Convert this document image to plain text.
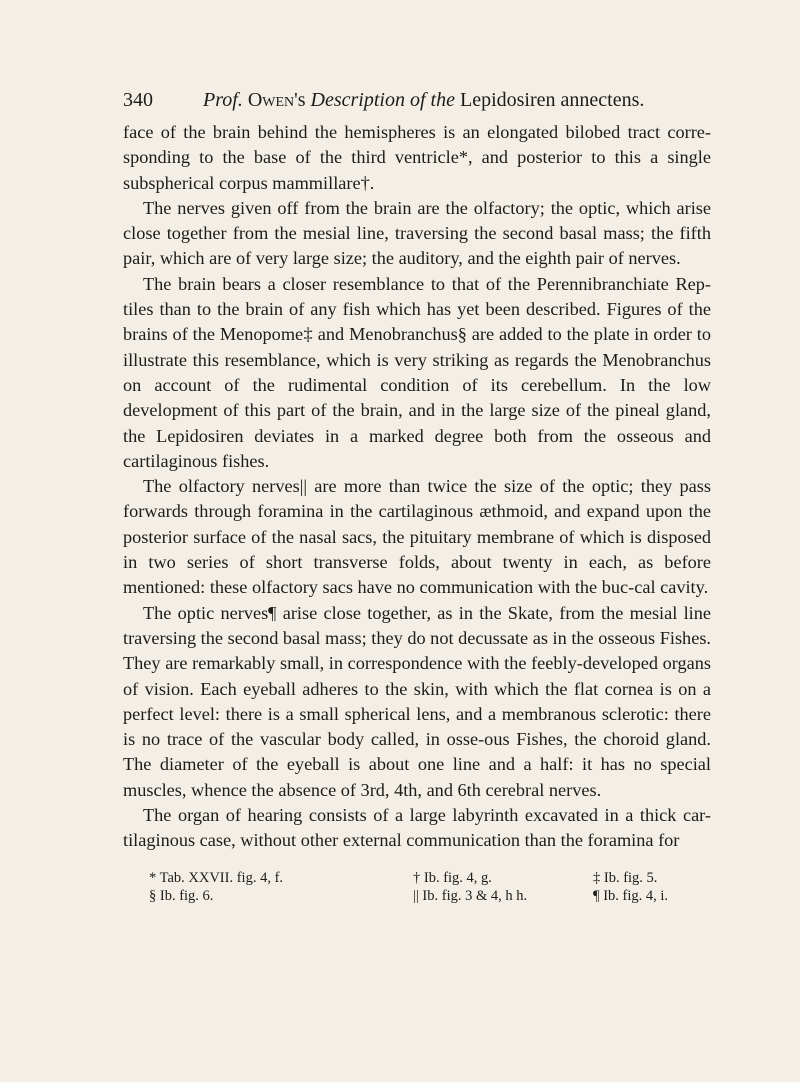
340	Prof. Owen's Description of the Lepidosiren annectens.

face of the brain behind the hemispheres is an elongated bilobed tract corre-sponding to the base of the third ventricle*, and posterior to this a single subspherical corpus mammillare†.

The nerves given off from the brain are the olfactory; the optic, which arise close together from the mesial line, traversing the second basal mass; the fifth pair, which are of very large size; the auditory, and the eighth pair of nerves.

The brain bears a closer resemblance to that of the Perennibranchiate Rep-tiles than to the brain of any fish which has yet been described. Figures of the brains of the Menopome‡ and Menobranchus§ are added to the plate in order to illustrate this resemblance, which is very striking as regards the Menobranchus on account of the rudimental condition of its cerebellum. In the low development of this part of the brain, and in the large size of the pineal gland, the Lepidosiren deviates in a marked degree both from the osseous and cartilaginous fishes.

The olfactory nerves|| are more than twice the size of the optic; they pass forwards through foramina in the cartilaginous æthmoid, and expand upon the posterior surface of the nasal sacs, the pituitary membrane of which is disposed in two series of short transverse folds, about twenty in each, as before mentioned: these olfactory sacs have no communication with the buc-cal cavity.

The optic nerves¶ arise close together, as in the Skate, from the mesial line traversing the second basal mass; they do not decussate as in the osseous Fishes. They are remarkably small, in correspondence with the feebly-developed organs of vision. Each eyeball adheres to the skin, with which the flat cornea is on a perfect level: there is a small spherical lens, and a membranous sclerotic: there is no trace of the vascular body called, in osse-ous Fishes, the choroid gland. The diameter of the eyeball is about one line and a half: it has no special muscles, whence the absence of 3rd, 4th, and 6th cerebral nerves.

The organ of hearing consists of a large labyrinth excavated in a thick car-tilaginous case, without other external communication than the foramina for

* Tab. XXVII. fig. 4, f.	† Ib. fig. 4, g.	‡ Ib. fig. 5.
§ Ib. fig. 6.	|| Ib. fig. 3 & 4, h h.	¶ Ib. fig. 4, i.
